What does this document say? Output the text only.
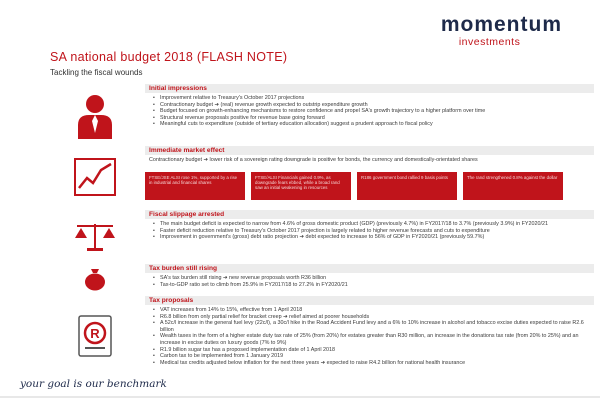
momentum
investments
SA national budget 2018 (FLASH NOTE)
Tackling the fiscal wounds
Initial impressions
▪ Improvement relative to Treasury's October 2017 projections
▪ Contractionary budget ➔ (real) revenue growth expected to outstrip expenditure growth
▪ Budget focused on growth-enhancing mechanisms to restore confidence and propel SA's growth trajectory to a higher platform over time
▪ Structural revenue proposals positive for revenue base going forward
▪ Meaningful cuts to expenditure (outside of tertiary education allocation) suggest a prudent approach to fiscal policy
Immediate market effect
Contractionary budget ➔ lower risk of a sovereign rating downgrade is positive for bonds, the currency and domestically-orientated shares
FTSE/JSE ALSI rose 1%, supported by a rise in industrial and financial shares
FTSE/ALSI Financials gained 0.9%, as downgrade fears ebbed, while a broad rand saw an initial weakening in resources
R186 government bond rallied 9 basis points	The rand strengthened 0.8% against the dollar
Fiscal slippage arrested
▪ The main budget deficit is expected to narrow from 4.6% of gross domestic product (GDP) (previously 4.7%) in FY2017/18 to 3.7% (previously 3.9%) in FY2020/21
▪ Faster deficit reduction relative to Treasury's October 2017 projection is largely related to higher revenue forecasts and cuts to expenditure
▪ Improvement in government's (gross) debt ratio projection ➔ debt expected to increase to 56% of GDP in FY2020/21 (previously 59.7%)
Tax burden still rising
▪ SA's tax burden still rising ➔ new revenue proposals worth R36 billion
▪ Tax-to-GDP ratio set to climb from 25.9% in FY2017/18 to 27.2% in FY2020/21
R
Tax proposals
▪ VAT increases from 14% to 15%, effective from 1 April 2018
▪ R6.8 billion from only partial relief for bracket creep ➔ relief aimed at poorer households
▪ A 52c/l increase in the general fuel levy (22c/l), a 30c/l hike in the Road Accident Fund levy and a 6% to 10% increase in alcohol and tobacco excise duties expected to raise R2.6 billion
▪ Wealth taxes in the form of a higher estate duty tax rate of 25% (from 20%) for estates greater than R30 million, an increase in the donations tax rate (from 20% to 25%) and an increase in excise duties on luxury goods (7% to 9%)
▪ R1.9 billion sugar tax has a proposed implementation date of 1 April 2018
▪ Carbon tax to be implemented from 1 January 2019
▪ Medical tax credits adjusted below inflation for the next three years ➔ expected to raise R4.2 billion for national health insurance
your goal is our benchmark
